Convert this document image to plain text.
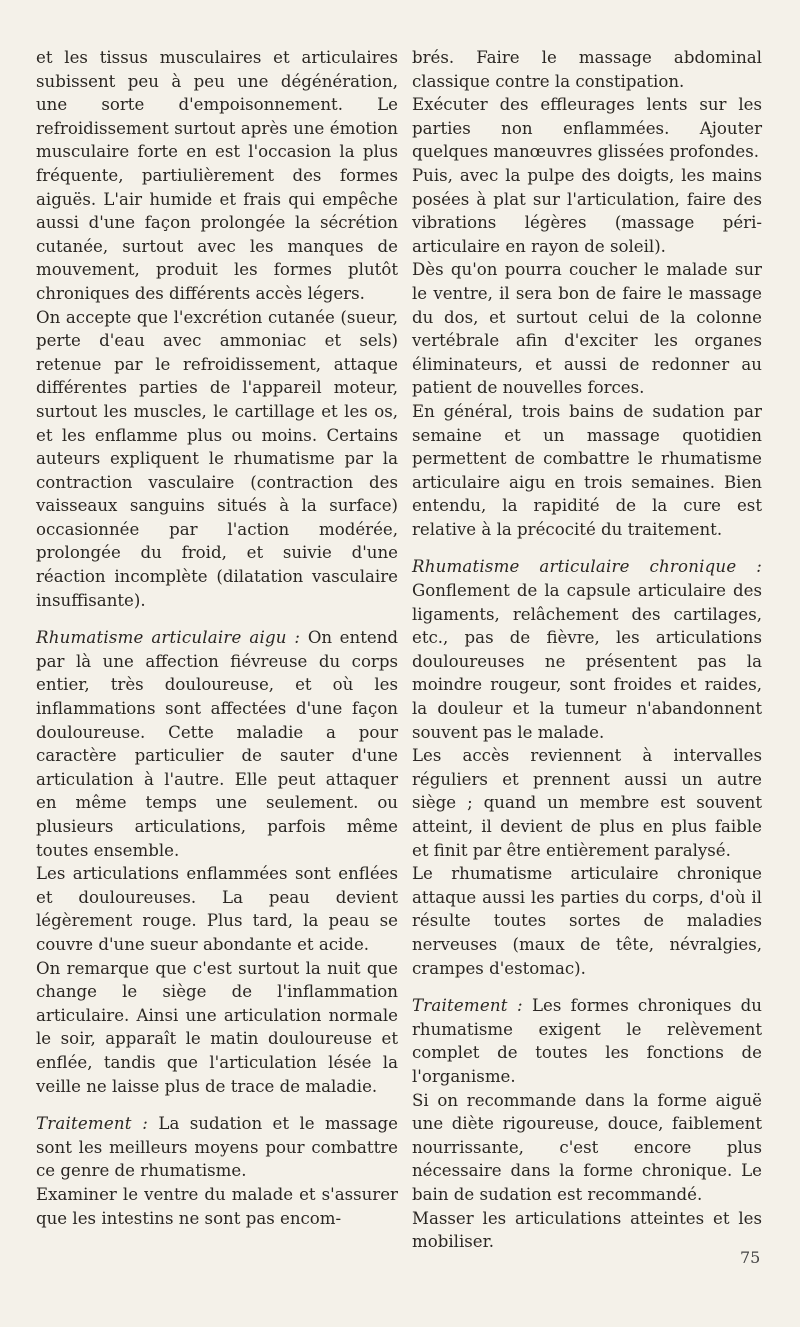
et les tissus musculaires et articulaires subissent peu à peu une dégénération, une sorte d'empoisonnement. Le refroidissement surtout après une émotion musculaire forte en est l'occasion la plus fréquente, partiulièrement des formes aiguës. L'air humide et frais qui empêche aussi d'une façon prolongée la sécrétion cutanée, surtout avec les manques de mouvement, produit les formes plutôt chroniques des différents accès légers.

On accepte que l'excrétion cutanée (sueur, perte d'eau avec ammoniac et sels) retenue par le refroidissement, attaque différentes parties de l'appareil moteur, surtout les muscles, le cartillage et les os, et les enflamme plus ou moins. Certains auteurs expliquent le rhumatisme par la contraction vasculaire (contraction des vaisseaux sanguins situés à la surface) occasionnée par l'action modérée, prolongée du froid, et suivie d'une réaction incomplète (dilatation vasculaire insuffisante).

Rhumatisme articulaire aigu : On entend par là une affection fiévreuse du corps entier, très douloureuse, et où les inflammations sont affectées d'une façon douloureuse. Cette maladie a pour caractère particulier de sauter d'une articulation à l'autre. Elle peut attaquer en même temps une seulement. ou plusieurs articulations, parfois même toutes ensemble.

Les articulations enflammées sont enflées et douloureuses. La peau devient légèrement rouge. Plus tard, la peau se couvre d'une sueur abondante et acide.

On remarque que c'est surtout la nuit que change le siège de l'inflammation articulaire. Ainsi une articulation normale le soir, apparaît le matin douloureuse et enflée, tandis que l'articulation lésée la veille ne laisse plus de trace de maladie.

Traitement : La sudation et le massage sont les meilleurs moyens pour combattre ce genre de rhumatisme.

Examiner le ventre du malade et s'assurer que les intestins ne sont pas encom-

brés. Faire le massage abdominal classique contre la constipation.

Exécuter des effleurages lents sur les parties non enflammées. Ajouter quelques manœuvres glissées profondes.

Puis, avec la pulpe des doigts, les mains posées à plat sur l'articulation, faire des vibrations légères (massage péri-articulaire en rayon de soleil).

Dès qu'on pourra coucher le malade sur le ventre, il sera bon de faire le massage du dos, et surtout celui de la colonne vertébrale afin d'exciter les organes éliminateurs, et aussi de redonner au patient de nouvelles forces.

En général, trois bains de sudation par semaine et un massage quotidien permettent de combattre le rhumatisme articulaire aigu en trois semaines. Bien entendu, la rapidité de la cure est relative à la précocité du traitement.

Rhumatisme articulaire chronique : Gonflement de la capsule articulaire des ligaments, relâchement des cartilages, etc., pas de fièvre, les articulations douloureuses ne présentent pas la moindre rougeur, sont froides et raides, la douleur et la tumeur n'abandonnent souvent pas le malade.

Les accès reviennent à intervalles réguliers et prennent aussi un autre siège ; quand un membre est souvent atteint, il devient de plus en plus faible et finit par être entièrement paralysé.

Le rhumatisme articulaire chronique attaque aussi les parties du corps, d'où il résulte toutes sortes de maladies nerveuses (maux de tête, névralgies, crampes d'estomac).

Traitement : Les formes chroniques du rhumatisme exigent le relèvement complet de toutes les fonctions de l'organisme.

Si on recommande dans la forme aiguë une diète rigoureuse, douce, faiblement nourrissante, c'est encore plus nécessaire dans la forme chronique. Le bain de sudation est recommandé.

Masser les articulations atteintes et les mobiliser.

75
